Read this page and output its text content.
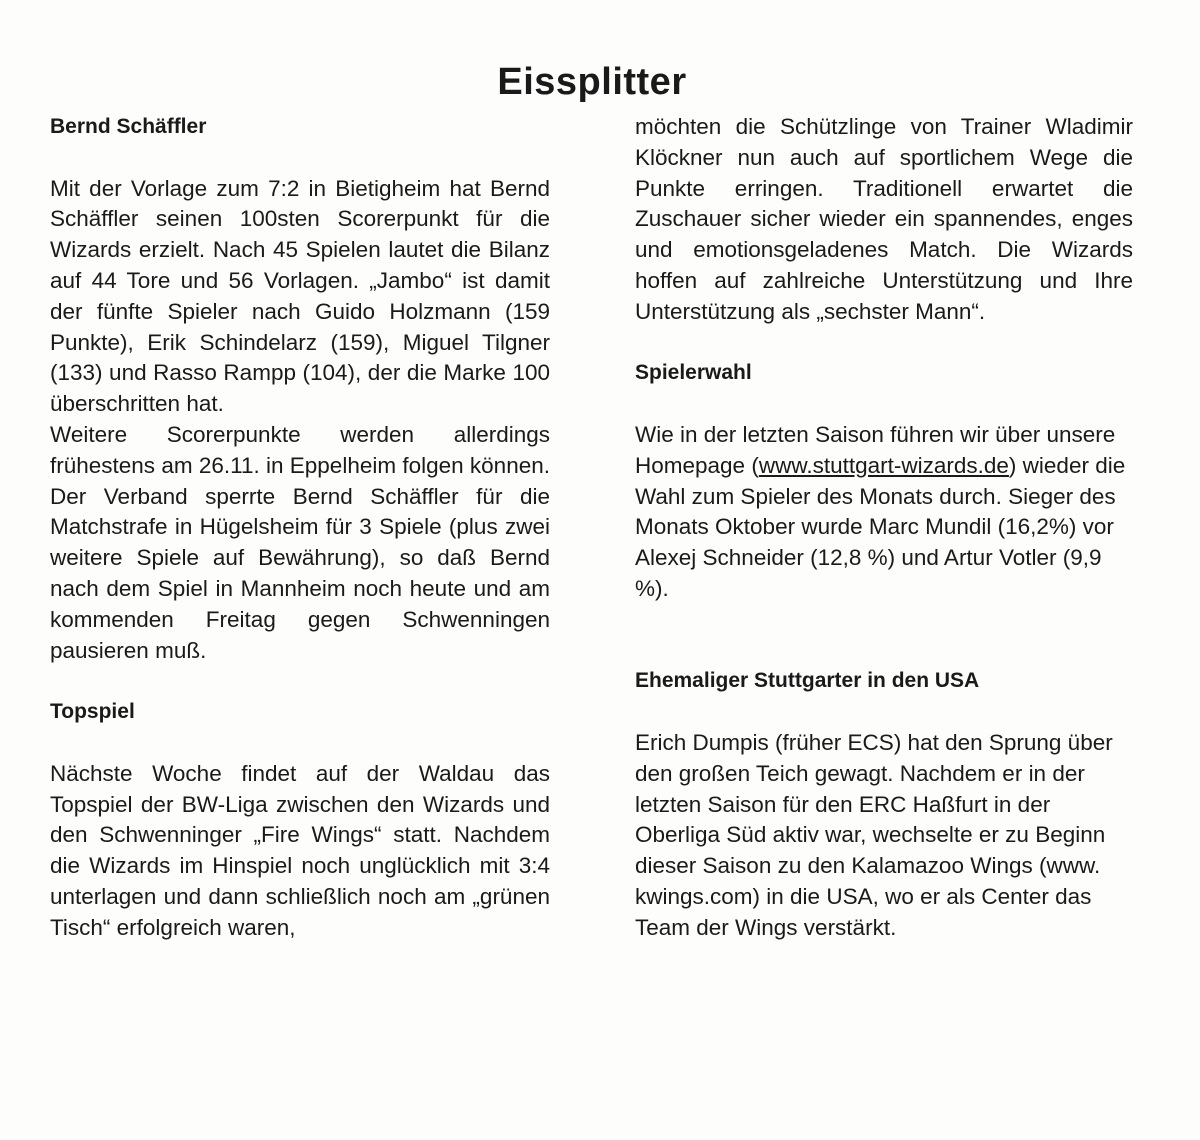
Eissplitter
Bernd Schäffler

Mit der Vorlage zum 7:2 in Bietigheim hat Bernd Schäffler seinen 100sten Scorerpunkt für die Wizards erzielt. Nach 45 Spielen lautet die Bilanz auf 44 Tore und 56 Vorlagen. „Jambo“ ist damit der fünfte Spieler nach Guido Holzmann (159 Punkte), Erik Schindelarz (159), Miguel Tilgner (133) und Rasso Rampp (104), der die Marke 100 überschritten hat.

Weitere Scorerpunkte werden allerdings frühestens am 26.11. in Eppelheim folgen können. Der Verband sperrte Bernd Schäffler für die Matchstrafe in Hügelsheim für 3 Spiele (plus zwei weitere Spiele auf Bewährung), so daß Bernd nach dem Spiel in Mannheim noch heute und am kommenden Freitag gegen Schwenningen pausieren muß.

Topspiel

Nächste Woche findet auf der Waldau das Topspiel der BW-Liga zwischen den Wizards und den Schwenninger „Fire Wings“ statt. Nachdem die Wizards im Hinspiel noch unglücklich mit 3:4 unterlagen und dann schließlich noch am „grünen Tisch“ erfolgreich waren,

möchten die Schützlinge von Trainer Wladimir Klöckner nun auch auf sportlichem Wege die Punkte erringen. Traditionell erwartet die Zuschauer sicher wieder ein spannendes, enges und emotionsgeladenes Match. Die Wizards hoffen auf zahlreiche Unterstützung und Ihre Unterstützung als „sechster Mann“.

Spielerwahl

Wie in der letzten Saison führen wir über unsere Homepage (www.stuttgart-wizards.de) wieder die Wahl zum Spieler des Monats durch. Sieger des Monats Oktober wurde Marc Mundil (16,2%) vor Alexej Schneider (12,8 %) und Artur Votler (9,9 %).

Ehemaliger Stuttgarter in den USA

Erich Dumpis (früher ECS) hat den Sprung über den großen Teich gewagt. Nachdem er in der letzten Saison für den ERC Haßfurt in der Oberliga Süd aktiv war, wechselte er zu Beginn dieser Saison zu den Kalamazoo Wings (www. kwings.com) in die USA, wo er als Center das Team der Wings verstärkt.
